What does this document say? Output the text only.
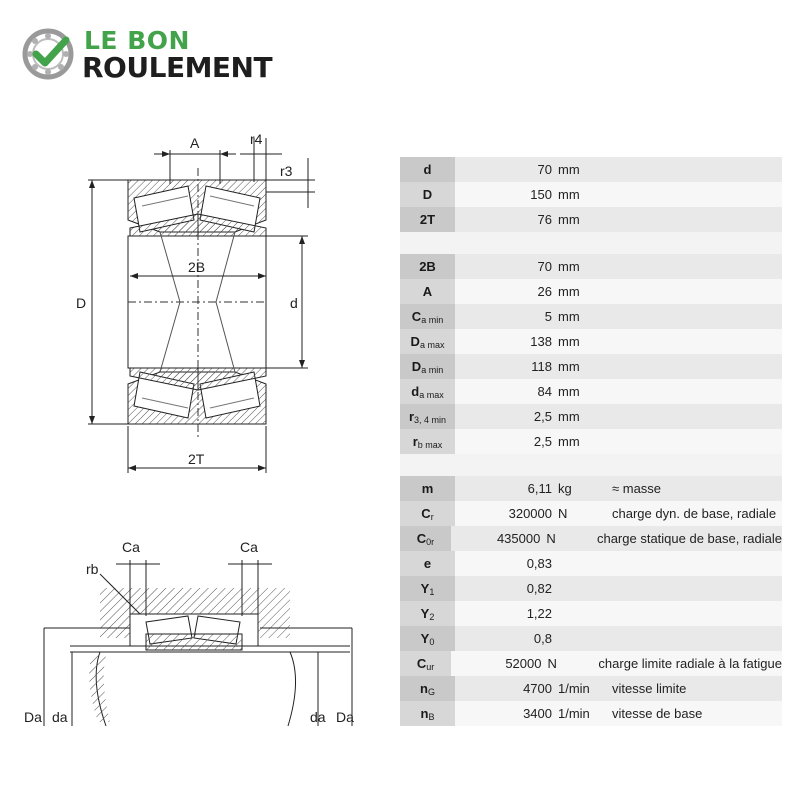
LE BON
ROULEMENT
2B
D	d
2T
A	r4
r3
Ca	Ca
rb
Da da	da Da
d	70 mm
D	150 mm
2T	76 mm
2B	70 mm
A	26 mm
$C_{a min}$	5 mm
$D_{a max}$	138 mm
$D_{a min}$	118 mm
$d_{a max}$	84 mm
$r_{3, 4 min}$	2,5 mm
$r_{b max}$	2,5 mm
m	6,11 kg	≈ masse
$C_r$	320000 N	charge dyn. de base, radiale
$C_{0r}$	435000 N	charge statique de base, radiale
e	0,83
$Y_1$	0,82
$Y_2$	1,22
$Y_0$	0,8
$C_{ur}$	52000 N	charge limite radiale à la fatigue
$n_G$	4700 1/min	vitesse limite
$n_B$	3400 1/min	vitesse de base
